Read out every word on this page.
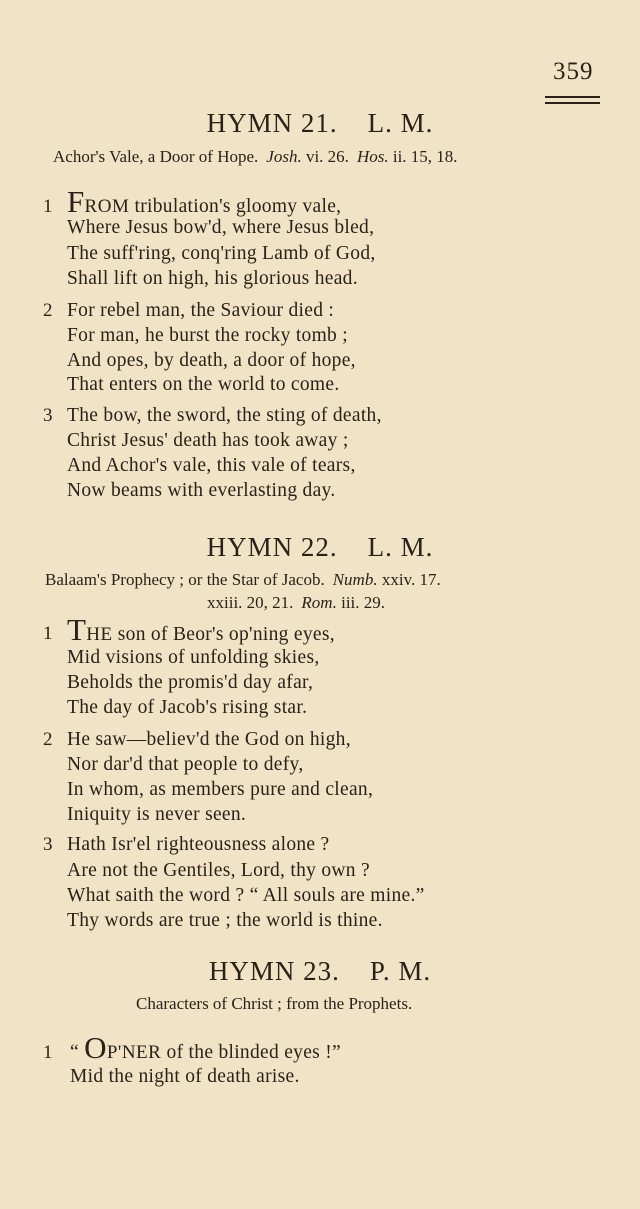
359
HYMN 21. L. M.
Achor's Vale, a Door of Hope. Josh. vi. 26. Hos. ii. 15, 18.
1 FROM tribulation's gloomy vale,
Where Jesus bow'd, where Jesus bled,
The suff'ring, conq'ring Lamb of God,
Shall lift on high, his glorious head.
2 For rebel man, the Saviour died :
For man, he burst the rocky tomb ;
And opes, by death, a door of hope,
That enters on the world to come.
3 The bow, the sword, the sting of death,
Christ Jesus' death has took away ;
And Achor's vale, this vale of tears,
Now beams with everlasting day.
HYMN 22. L. M.
Balaam's Prophecy ; or the Star of Jacob. Numb. xxiv. 17.
xxiii. 20, 21. Rom. iii. 29.
1 THE son of Beor's op'ning eyes,
Mid visions of unfolding skies,
Beholds the promis'd day afar,
The day of Jacob's rising star.
2 He saw—believ'd the God on high,
Nor dar'd that people to defy,
In whom, as members pure and clean,
Iniquity is never seen.
3 Hath Isr'el righteousness alone ?
Are not the Gentiles, Lord, thy own ?
What saith the word ? “ All souls are mine.”
Thy words are true ; the world is thine.
HYMN 23. P. M.
Characters of Christ ; from the Prophets.
1 “ OP'NER of the blinded eyes !”
Mid the night of death arise.
